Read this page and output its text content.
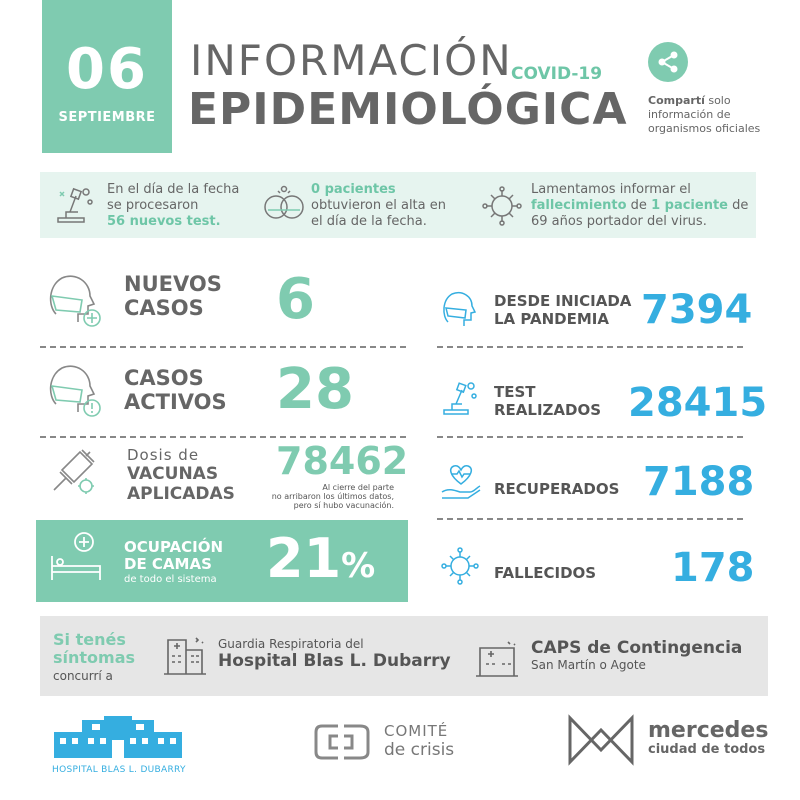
06
SEPTIEMBRE
INFORMACIÓN
EPIDEMIOLÓGICA
COVID-19
Compartí solo
información de
organismos oficiales
En el día de la fecha
se procesaron
56 nuevos test.
0 pacientes
obtuvieron el alta en
el día de la fecha.
Lamentamos informar el
fallecimiento de 1 paciente de
69 años portador del virus.
NUEVOS
CASOS	6
CASOS
ACTIVOS 28
Dosis de
VACUNAS
APLICADAS
78462
Al cierre del parte
no arribaron los últimos datos,
pero sí hubo vacunación.
OCUPACIÓN
DE CAMAS
de todo el sistema 21%
DESDE INICIADA
LA PANDEMIA 7394
TEST
REALIZADOS 28415
RECUPERADOS 7188
FALLECIDOS 178
Si tenés
síntomas
concurrí a
Guardia Respiratoria del
Hospital Blas L. Dubarry
CAPS de Contingencia
San Martín o Agote
HOSPITAL BLAS L. DUBARRY
COMITÉ
de crisis
mercedes
ciudad de todos
